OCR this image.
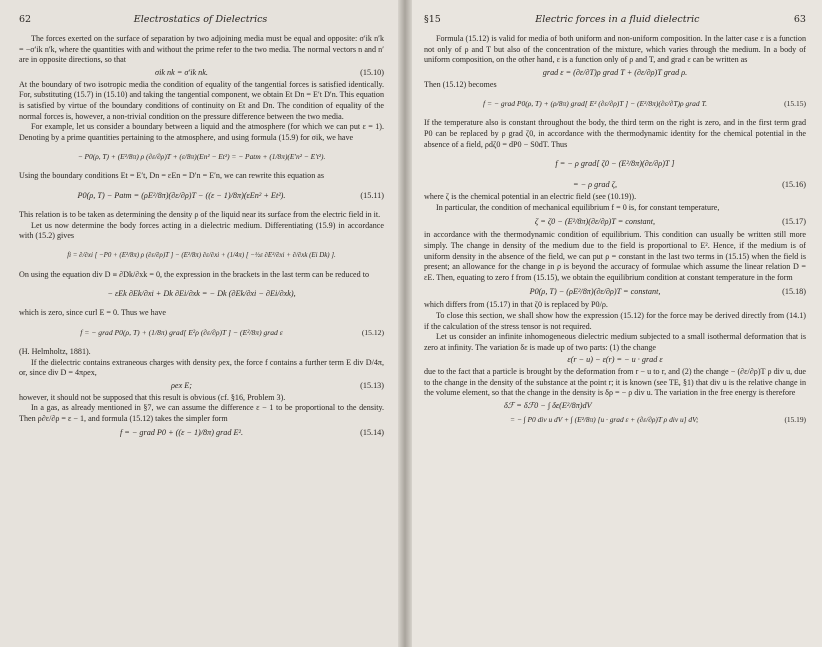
62	Electrostatics of Dielectrics

The forces exerted on the surface of separation by two adjoining media must be equal and opposite: σ′ik n′k = −σ′ik n′k, where the quantities with and without the prime refer to the two media. The normal vectors n and n′ are in opposite directions, so that

σik nk = σ′ik nk.	(15.10)

At the boundary of two isotropic media the condition of equality of the tangential forces is satisfied identically. For, substituting (15.7) in (15.10) and taking the tangential component, we obtain Et Dn = E′t D′n. This equation is satisfied by virtue of the boundary conditions of continuity on Et and Dn. The condition of equality of the normal forces is, however, a non-trivial condition on the pressure difference between the two media.

For example, let us consider a boundary between a liquid and the atmosphere (for which we can put ε = 1). Denoting by a prime quantities pertaining to the atmosphere, and using formula (15.9) for σik, we have

− P0(ρ, T) + (E²/8π) ρ (∂ε/∂ρ)T + (ε/8π)(En² − Et²) = − Patm + (1/8π)(E′n² − E′t²).

Using the boundary conditions Et = E′t, Dn = εEn = D′n = E′n, we can rewrite this equation as

P0(ρ, T) − Patm = (ρE²/8π)(∂ε/∂ρ)T − ((ε − 1)/8π)(εEn² + Et²).	(15.11)

This relation is to be taken as determining the density ρ of the liquid near its surface from the electric field in it.

Let us now determine the body forces acting in a dielectric medium. Differentiating (15.9) in accordance with (15.2) gives

fi = ∂/∂xi [ −P0 + (E²/8π) ρ (∂ε/∂ρ)T ] − (E²/8π) ∂ε/∂xi + (1/4π) [ −½ε ∂E²/∂xi + ∂/∂xk (Ei Dk) ].

On using the equation div D ≡ ∂Dk/∂xk = 0, the expression in the brackets in the last term can be reduced to

− εEk ∂Ek/∂xi + Dk ∂Ei/∂xk = − Dk (∂Ek/∂xi − ∂Ei/∂xk),

which is zero, since curl E = 0. Thus we have

f = − grad P0(ρ, T) + (1/8π) grad[ E²ρ (∂ε/∂ρ)T ] − (E²/8π) grad ε	(15.12)

(H. Helmholtz, 1881).

If the dielectric contains extraneous charges with density ρex, the force f contains a further term E div D/4π, or, since div D = 4πρex,

ρex E;	(15.13)

however, it should not be supposed that this result is obvious (cf. §16, Problem 3).

In a gas, as already mentioned in §7, we can assume the difference ε − 1 to be proportional to the density. Then ρ∂ε/∂ρ = ε − 1, and formula (15.12) takes the simpler form

f = − grad P0 + ((ε − 1)/8π) grad E².	(15.14)
§15	Electric forces in a fluid dielectric	63

Formula (15.12) is valid for media of both uniform and non-uniform composition. In the latter case ε is a function not only of ρ and T but also of the concentration of the mixture, which varies through the medium. In a body of uniform composition, on the other hand, ε is a function only of ρ and T, and grad ε can be written as

grad ε = (∂ε/∂T)ρ grad T + (∂ε/∂ρ)T grad ρ.

Then (15.12) becomes

f = − grad P0(ρ, T) + (ρ/8π) grad[ E² (∂ε/∂ρ)T ] − (E²/8π)(∂ε/∂T)ρ grad T.	(15.15)

If the temperature also is constant throughout the body, the third term on the right is zero, and in the first term grad P0 can be replaced by ρ grad ζ0, in accordance with the thermodynamic identity for the chemical potential in the absence of a field, ρdζ0 = dP0 − S0dT. Thus

f = − ρ grad[ ζ0 − (E²/8π)(∂ε/∂ρ)T ]
= − ρ grad ζ,	(15.16)

where ζ is the chemical potential in an electric field (see (10.19)).

In particular, the condition of mechanical equilibrium f = 0 is, for constant temperature,

ζ = ζ0 − (E²/8π)(∂ε/∂ρ)T = constant,	(15.17)

in accordance with the thermodynamic condition of equilibrium. This condition can usually be written still more simply. The change in density of the medium due to the field is proportional to E². Hence, if the medium is of uniform density in the absence of the field, we can put ρ = constant in the last two terms in (15.15) when the field is present; an allowance for the change in ρ is beyond the accuracy of formulae which assume the linear relation D = εE. Then, equating to zero f from (15.15), we obtain the equilibrium condition at constant temperature in the form

P0(ρ, T) − (ρE²/8π)(∂ε/∂ρ)T = constant,	(15.18)

which differs from (15.17) in that ζ0 is replaced by P0/ρ.

To close this section, we shall show how the expression (15.12) for the force may be derived directly from (14.1) if the calculation of the stress tensor is not required.

Let us consider an infinite inhomogeneous dielectric medium subjected to a small isothermal deformation that is zero at infinity. The variation δε is made up of two parts: (1) the change

ε(r − u) − ε(r) = − u · grad ε

due to the fact that a particle is brought by the deformation from r − u to r, and (2) the change − (∂ε/∂ρ)T ρ div u, due to the change in the density of the substance at the point r; it is known (see TE, §1) that div u is the relative change in the volume element, so that the change in the density is δρ = − ρ div u. The variation in the free energy is therefore

δℱ = δℱ0 − ∫ δε(E²/8π)dV
= − ∫ P0 div u dV + ∫ (E²/8π) [u · grad ε + (∂ε/∂ρ)T ρ div u] dV;	(15.19)
